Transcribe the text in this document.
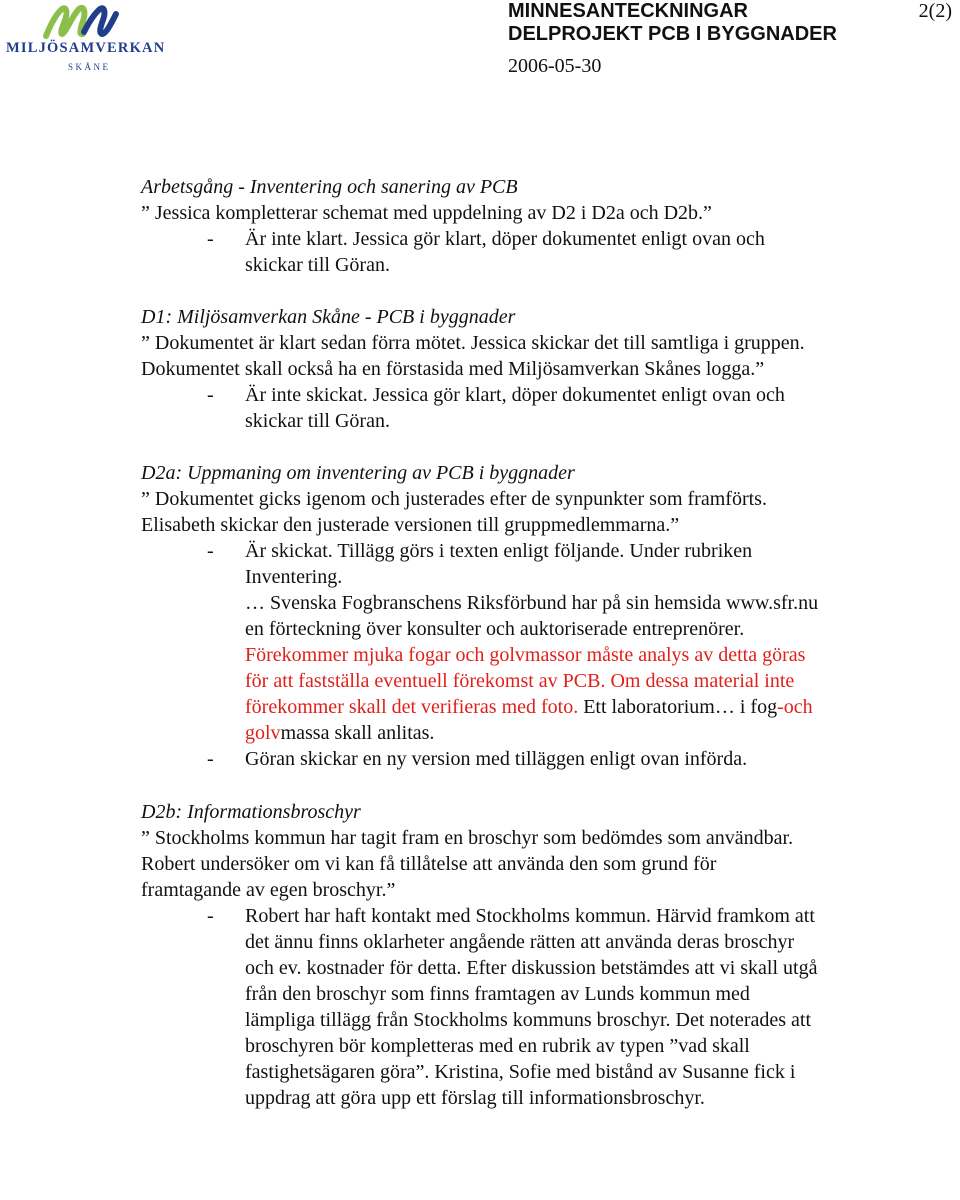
MILJÖSAMVERKAN
SKÅNE
MINNESANTECKNINGAR
DELPROJEKT PCB I BYGGNADER
2006-05-30
2(2)
Arbetsgång - Inventering och sanering av PCB
” Jessica kompletterar schemat med uppdelning av D2 i D2a och D2b.”
- Är inte klart. Jessica gör klart, döper dokumentet enligt ovan och skickar till Göran.
D1: Miljösamverkan Skåne - PCB i byggnader
” Dokumentet är klart sedan förra mötet. Jessica skickar det till samtliga i gruppen. Dokumentet skall också ha en förstasida med Miljösamverkan Skånes logga.”
- Är inte skickat. Jessica gör klart, döper dokumentet enligt ovan och skickar till Göran.
D2a: Uppmaning om inventering av PCB i byggnader
” Dokumentet gicks igenom och justerades efter de synpunkter som framförts. Elisabeth skickar den justerade versionen till gruppmedlemmarna.”
- Är skickat. Tillägg görs i texten enligt följande. Under rubriken Inventering.
… Svenska Fogbranschens Riksförbund har på sin hemsida www.sfr.nu en förteckning över konsulter och auktoriserade entreprenörer. Förekommer mjuka fogar och golvmassor måste analys av detta göras för att fastställa eventuell förekomst av PCB. Om dessa material inte förekommer skall det verifieras med foto. Ett laboratorium… i fog-och golvmassa skall anlitas.
- Göran skickar en ny version med tilläggen enligt ovan införda.
D2b: Informationsbroschyr
” Stockholms kommun har tagit fram en broschyr som bedömdes som användbar. Robert undersöker om vi kan få tillåtelse att använda den som grund för framtagande av egen broschyr.”
- Robert har haft kontakt med Stockholms kommun. Härvid framkom att det ännu finns oklarheter angående rätten att använda deras broschyr och ev. kostnader för detta. Efter diskussion betstämdes att vi skall utgå från den broschyr som finns framtagen av Lunds kommun med lämpliga tillägg från Stockholms kommuns broschyr. Det noterades att broschyren bör kompletteras med en rubrik av typen ”vad skall fastighetsägaren göra”. Kristina, Sofie med bistånd av Susanne fick i uppdrag att göra upp ett förslag till informationsbroschyr.
